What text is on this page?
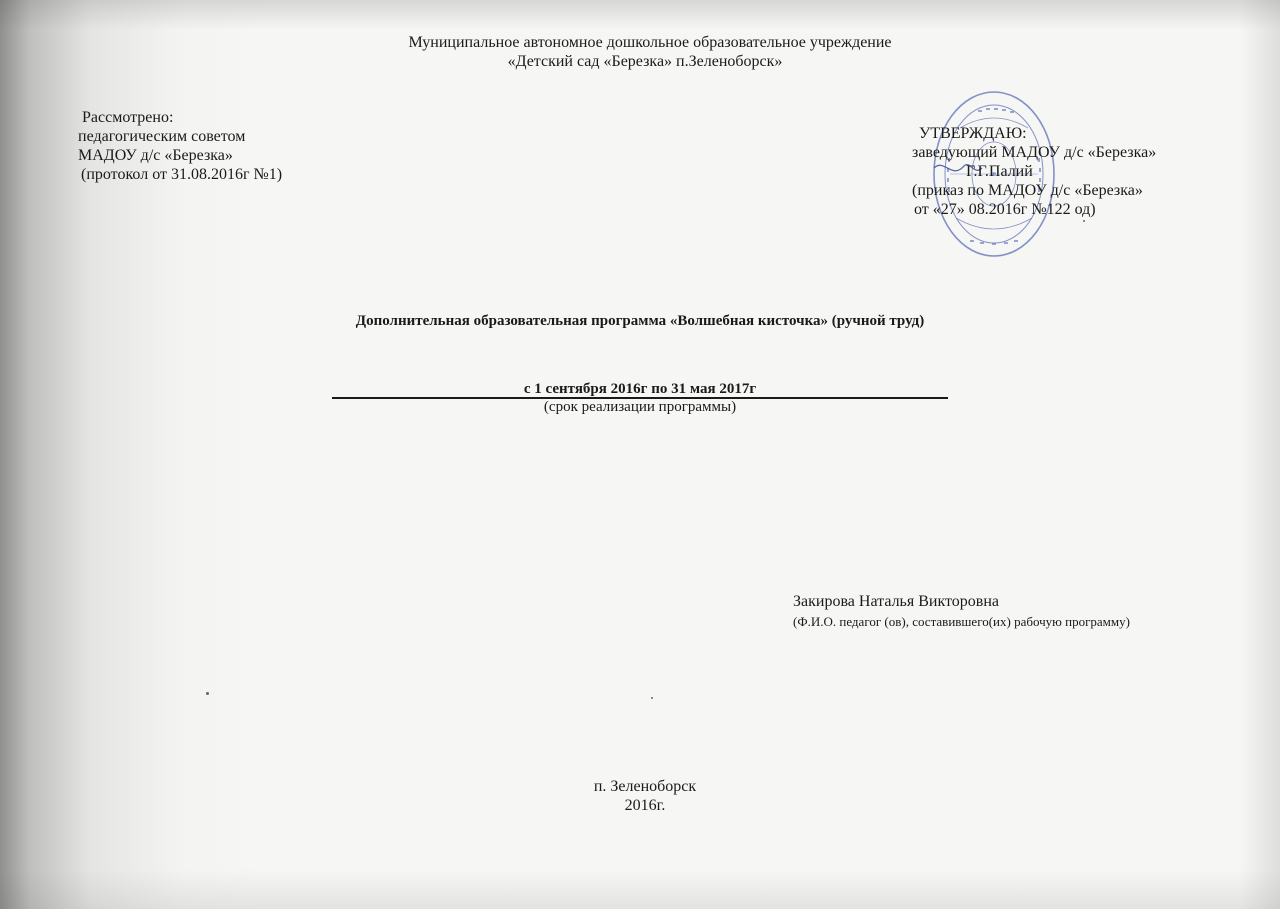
Муниципальное автономное дошкольное образовательное учреждение
«Детский сад «Березка» п.Зеленоборск»
Рассмотрено:
педагогическим советом
МАДОУ д/с «Березка»
(протокол от 31.08.2016г №1)
УТВЕРЖДАЮ:
заведующий МАДОУ д/с «Березка»
Г.Г.Палий
(приказ по МАДОУ д/с «Березка»
от «27» 08.2016г №122 од)
Дополнительная образовательная программа «Волшебная кисточка» (ручной труд)
с 1 сентября 2016г по 31 мая 2017г
(срок реализации программы)
Закирова Наталья Викторовна
(Ф.И.О. педагог (ов), составившего(их) рабочую программу)
п. Зеленоборск
2016г.
